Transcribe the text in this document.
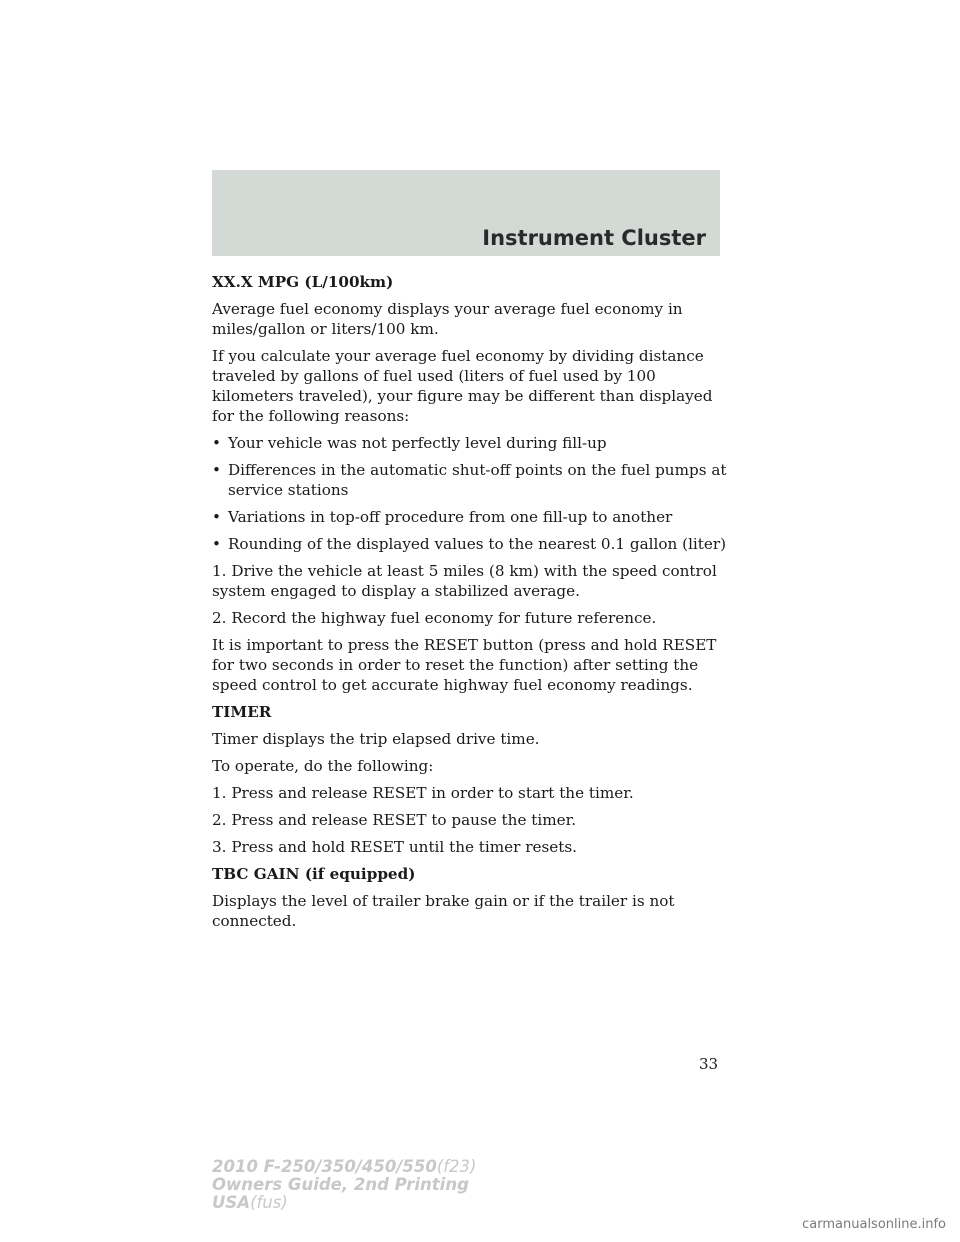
Instrument Cluster
XX.X MPG (L/100km)

Average fuel economy displays your average fuel economy in miles/gallon or liters/100 km.

If you calculate your average fuel economy by dividing distance traveled by gallons of fuel used (liters of fuel used by 100 kilometers traveled), your figure may be different than displayed for the following reasons:

• Your vehicle was not perfectly level during fill-up
• Differences in the automatic shut-off points on the fuel pumps at service stations
• Variations in top-off procedure from one fill-up to another
• Rounding of the displayed values to the nearest 0.1 gallon (liter)

1. Drive the vehicle at least 5 miles (8 km) with the speed control system engaged to display a stabilized average.

2. Record the highway fuel economy for future reference.

It is important to press the RESET button (press and hold RESET for two seconds in order to reset the function) after setting the speed control to get accurate highway fuel economy readings.

TIMER

Timer displays the trip elapsed drive time.

To operate, do the following:

1. Press and release RESET in order to start the timer.

2. Press and release RESET to pause the timer.

3. Press and hold RESET until the timer resets.

TBC GAIN (if equipped)

Displays the level of trailer brake gain or if the trailer is not connected.

33
2010 F-250/350/450/550(f23)
Owners Guide, 2nd Printing
USA(fus)
carmanualsonline.info
